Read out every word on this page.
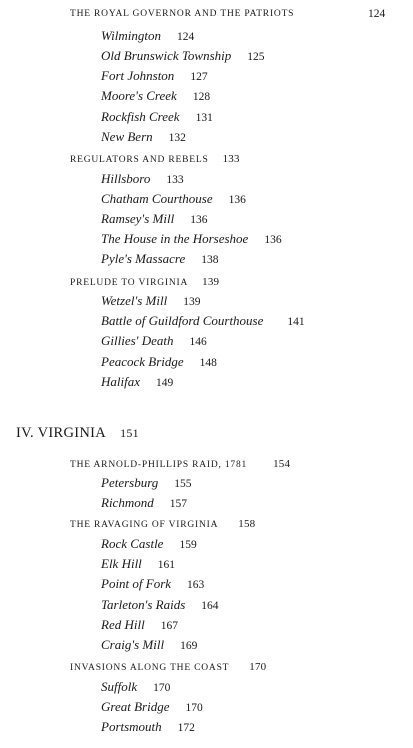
THE ROYAL GOVERNOR AND THE PATRIOTS	124
Wilmington 124
Old Brunswick Township 125
Fort Johnston 127
Moore's Creek 128
Rockfish Creek 131
New Bern 132
REGULATORS AND REBELS 133
Hillsboro 133
Chatham Courthouse 136
Ramsey's Mill 136
The House in the Horseshoe 136
Pyle's Massacre 138
PRELUDE TO VIRGINIA 139
Wetzel's Mill 139
Battle of Guildford Courthouse 141
Gillies' Death 146
Peacock Bridge 148
Halifax 149
IV. VIRGINIA 151
THE ARNOLD-PHILLIPS RAID, 1781 154
Petersburg 155
Richmond 157
THE RAVAGING OF VIRGINIA 158
Rock Castle 159
Elk Hill 161
Point of Fork 163
Tarleton's Raids 164
Red Hill 167
Craig's Mill 169
INVASIONS ALONG THE COAST 170
Suffolk 170
Great Bridge 170
Portsmouth 172
